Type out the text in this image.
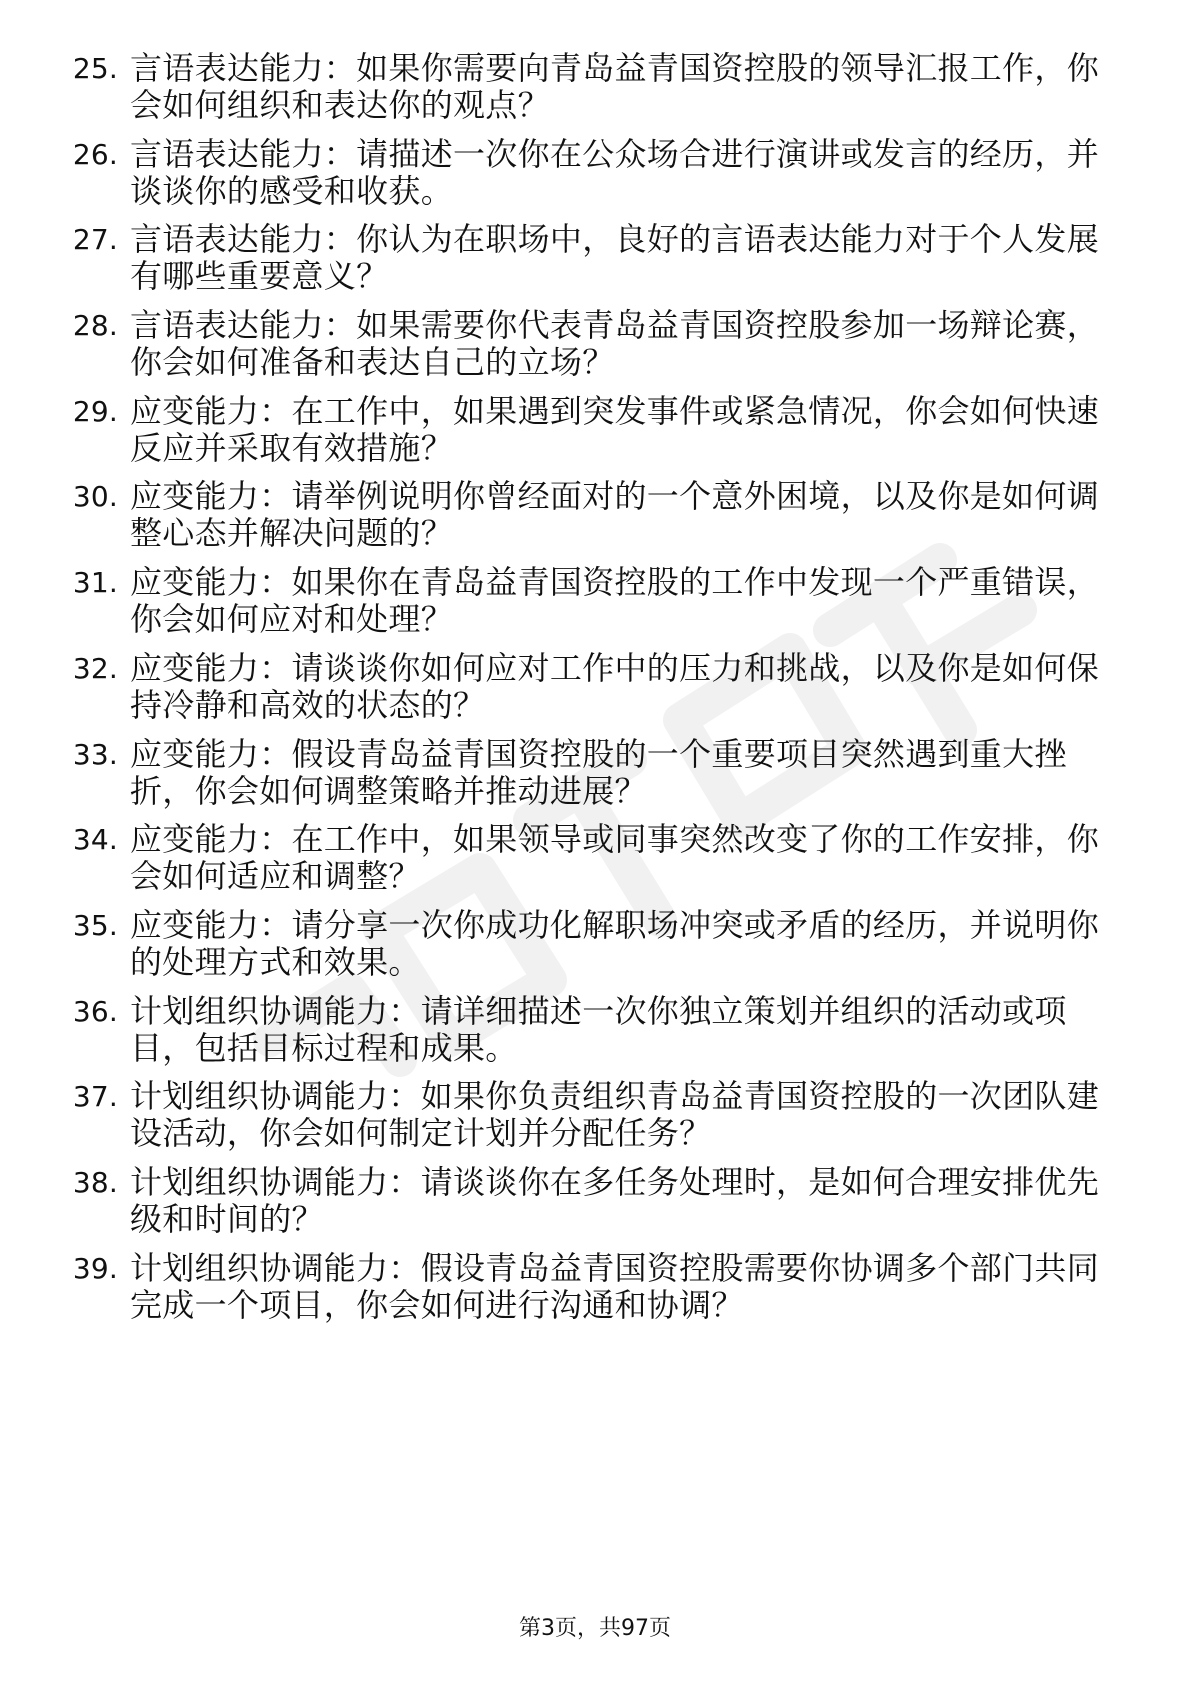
25. 言语表达能力：如果你需要向青岛益青国资控股的领导汇报工作，你会如何组织和表达你的观点？
26. 言语表达能力：请描述一次你在公众场合进行演讲或发言的经历，并谈谈你的感受和收获。
27. 言语表达能力：你认为在职场中，良好的言语表达能力对于个人发展有哪些重要意义？
28. 言语表达能力：如果需要你代表青岛益青国资控股参加一场辩论赛，你会如何准备和表达自己的立场？
29. 应变能力：在工作中，如果遇到突发事件或紧急情况，你会如何快速反应并采取有效措施？
30. 应变能力：请举例说明你曾经面对的一个意外困境，以及你是如何调整心态并解决问题的？
31. 应变能力：如果你在青岛益青国资控股的工作中发现一个严重错误，你会如何应对和处理？
32. 应变能力：请谈谈你如何应对工作中的压力和挑战，以及你是如何保持冷静和高效的状态的？
33. 应变能力：假设青岛益青国资控股的一个重要项目突然遇到重大挫折，你会如何调整策略并推动进展？
34. 应变能力：在工作中，如果领导或同事突然改变了你的工作安排，你会如何适应和调整？
35. 应变能力：请分享一次你成功化解职场冲突或矛盾的经历，并说明你的处理方式和效果。
36. 计划组织协调能力：请详细描述一次你独立策划并组织的活动或项目，包括目标过程和成果。
37. 计划组织协调能力：如果你负责组织青岛益青国资控股的一次团队建设活动，你会如何制定计划并分配任务？
38. 计划组织协调能力：请谈谈你在多任务处理时，是如何合理安排优先级和时间的？
39. 计划组织协调能力：假设青岛益青国资控股需要你协调多个部门共同完成一个项目，你会如何进行沟通和协调？
第3页，共97页
